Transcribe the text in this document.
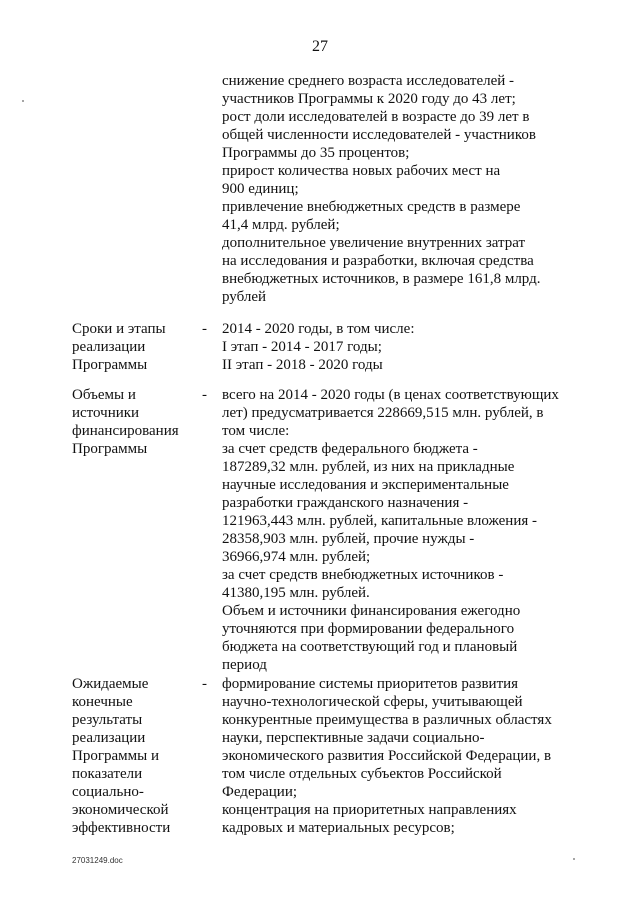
27
снижение среднего возраста исследователей -
участников Программы к 2020 году до 43 лет;
рост доли исследователей в возрасте до 39 лет в
общей численности исследователей - участников
Программы до 35 процентов;
прирост количества новых рабочих мест на
900 единиц;
привлечение внебюджетных средств в размере
41,4 млрд. рублей;
дополнительное увеличение внутренних затрат
на исследования и разработки, включая средства
внебюджетных источников, в размере 161,8 млрд.
рублей
Сроки и этапы
реализации
Программы
- 2014 - 2020 годы, в том числе:
I этап - 2014 - 2017 годы;
II этап - 2018 - 2020 годы
Объемы и
источники
финансирования
Программы
- всего на 2014 - 2020 годы (в ценах соответствующих
лет) предусматривается 228669,515 млн. рублей, в
том числе:
за счет средств федерального бюджета -
187289,32 млн. рублей, из них на прикладные
научные исследования и экспериментальные
разработки гражданского назначения -
121963,443 млн. рублей, капитальные вложения -
28358,903 млн. рублей, прочие нужды -
36966,974 млн. рублей;
за счет средств внебюджетных источников -
41380,195 млн. рублей.
Объем и источники финансирования ежегодно
уточняются при формировании федерального
бюджета на соответствующий год и плановый
период
Ожидаемые
конечные
результаты
реализации
Программы и
показатели
социально-
экономической
эффективности
- формирование системы приоритетов развития
научно-технологической сферы, учитывающей
конкурентные преимущества в различных областях
науки, перспективные задачи социально-
экономического развития Российской Федерации, в
том числе отдельных субъектов Российской
Федерации;
концентрация на приоритетных направлениях
кадровых и материальных ресурсов;
27031249.doc
